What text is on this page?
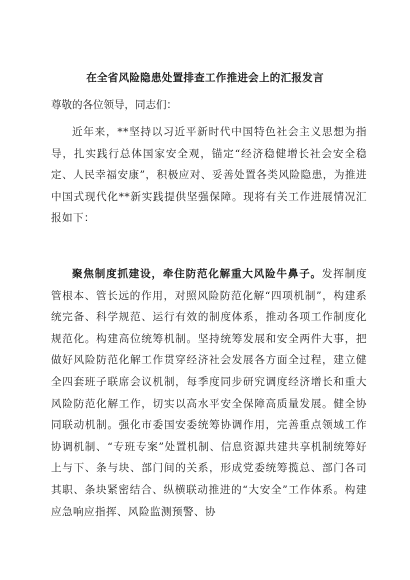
在全省风险隐患处置排查工作推进会上的汇报发言
尊敬的各位领导，同志们：

近年来，**坚持以习近平新时代中国特色社会主义思想为指导，扎实践行总体国家安全观，锚定“经济稳健增长社会安全稳定、人民幸福安康”，积极应对、妥善处置各类风险隐患，为推进中国式现代化**新实践提供坚强保障。现将有关工作进展情况汇报如下：

聚焦制度抓建设，牵住防范化解重大风险牛鼻子。发挥制度管根本、管长远的作用，对照风险防范化解“四项机制”，构建系统完备、科学规范、运行有效的制度体系，推动各项工作制度化规范化。构建高位统筹机制。坚持统筹发展和安全两件大事，把做好风险防范化解工作贯穿经济社会发展各方面全过程，建立健全四套班子联席会议机制，每季度同步研究调度经济增长和重大风险防范化解工作，切实以高水平安全保障高质量发展。健全协同联动机制。强化市委国安委统筹协调作用，完善重点领域工作协调机制、“专班专案”处置机制、信息资源共建共享机制统筹好上与下、条与块、部门间的关系，形成党委统筹揽总、部门各司其职、条块紧密结合、纵横联动推进的“大安全”工作体系。构建应急响应指挥、风险监测预警、协
